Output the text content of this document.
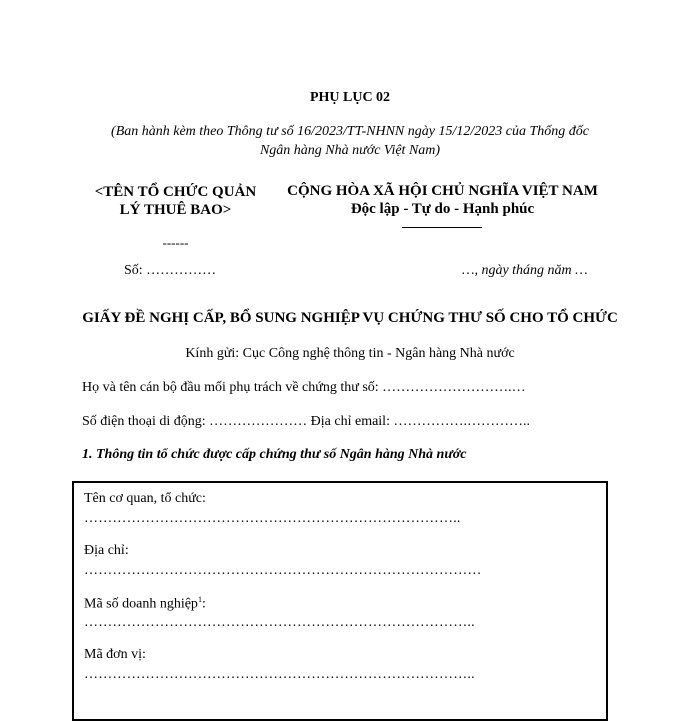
PHỤ LỤC 02
(Ban hành kèm theo Thông tư số 16/2023/TT-NHNN ngày 15/12/2023 của Thống đốc
Ngân hàng Nhà nước Việt Nam)
<TÊN TỔ CHỨC QUẢN LÝ THUÊ BAO>
------
CỘNG HÒA XÃ HỘI CHỦ NGHĨA VIỆT NAM
Độc lập - Tự do - Hạnh phúc
Số: ……………	…, ngày tháng năm …
GIẤY ĐỀ NGHỊ CẤP, BỔ SUNG NGHIỆP VỤ CHỨNG THƯ SỐ CHO TỔ CHỨC
Kính gửi: Cục Công nghệ thông tin - Ngân hàng Nhà nước
Họ và tên cán bộ đầu mối phụ trách về chứng thư số: ……………………….…
Số điện thoại di động: ………………… Địa chỉ email: …………….…………..
1. Thông tin tổ chức được cấp chứng thư số Ngân hàng Nhà nước
Tên cơ quan, tổ chức:
……………………………………………………………………..
Địa chỉ:
…………………………………………………………………………
Mã số doanh nghiệp$^1$:
………………………………………………………………………..
Mã đơn vị:
………………………………………………………………………..
